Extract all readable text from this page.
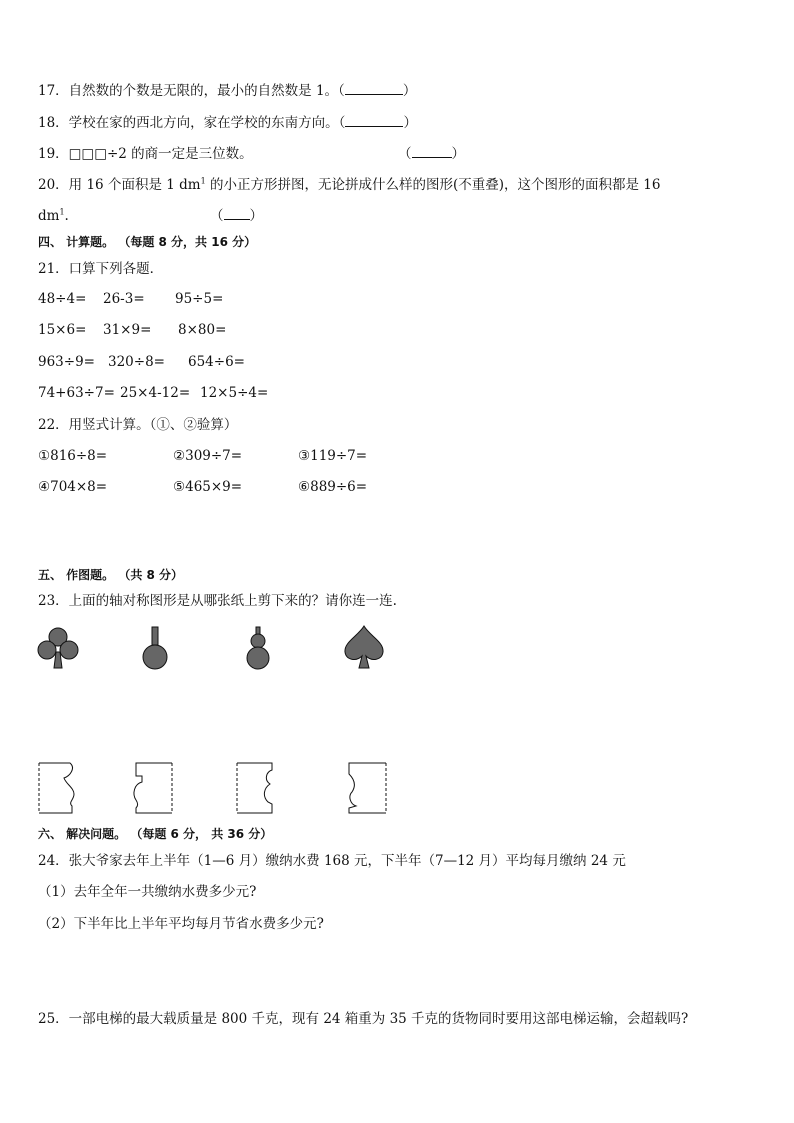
17．自然数的个数是无限的，最小的自然数是 1。（	）
18．学校在家的西北方向，家在学校的东南方向。（	）
19．□□□÷2 的商一定是三位数。	（	）
20．用 16 个面积是 1 $dm^1$ 的小正方形拼图，无论拼成什么样的图形(不重叠)，这个图形的面积都是 16
$dm^1$.	（ ）
四、 计算题。 （每题 8 分，共 16 分）
21．口算下列各题．
48÷4= 26-3= 95÷5=
15×6= 31×9= 8×80=
963÷9= 320÷8= 654÷6=
74+63÷7= 25×4-12= 12×5÷4=
22．用竖式计算。（①、②验算）
①816÷8=	②309÷7=	③119÷7=
④704×8=	⑤465×9=	⑥889÷6=
五、 作图题。 （共 8 分）
23．上面的轴对称图形是从哪张纸上剪下来的？请你连一连.
六、 解决问题。 （每题 6 分， 共 36 分）
24．张大爷家去年上半年（1—6 月）缴纳水费 168 元，下半年（7—12 月）平均每月缴纳 24 元
（1）去年全年一共缴纳水费多少元?
（2）下半年比上半年平均每月节省水费多少元?
25．一部电梯的最大载质量是 800 千克，现有 24 箱重为 35 千克的货物同时要用这部电梯运输，会超载吗?
